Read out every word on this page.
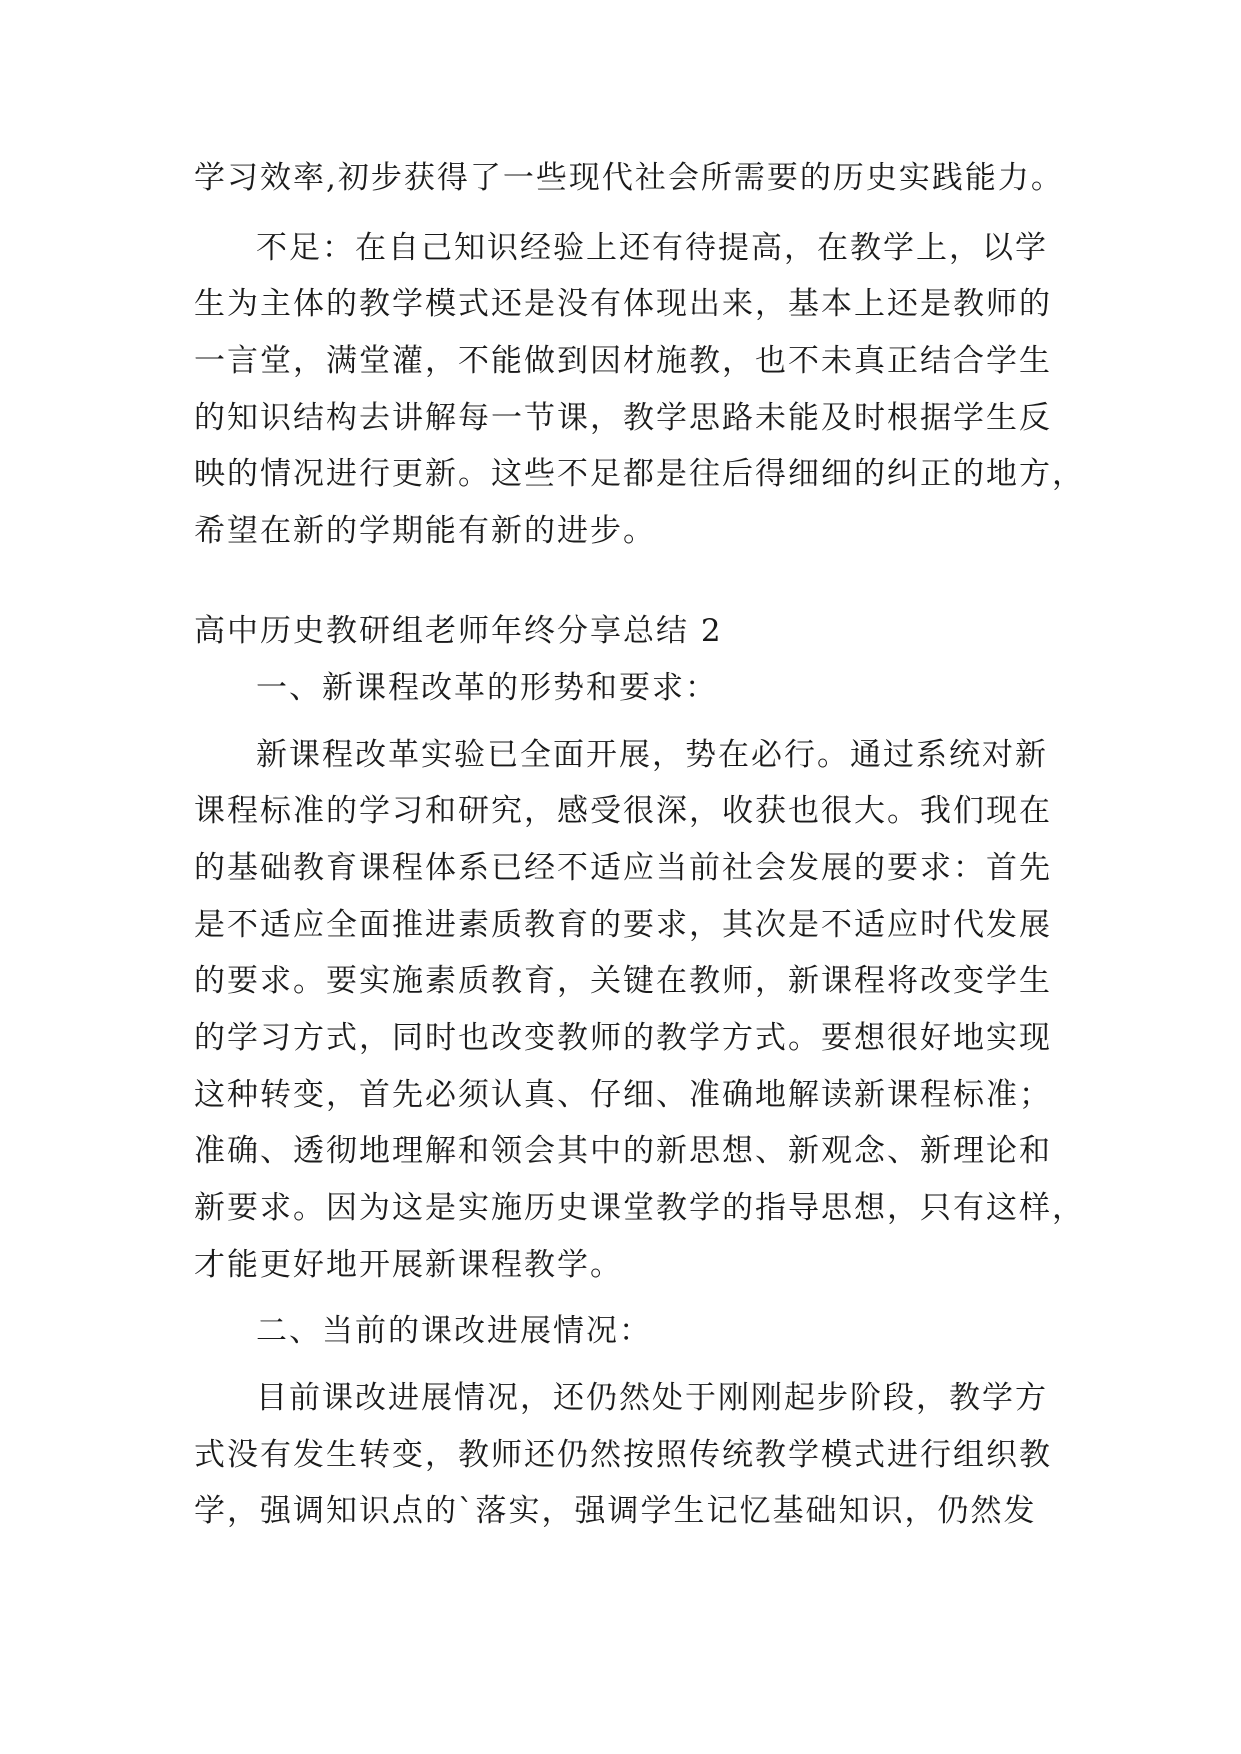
学习效率,初步获得了一些现代社会所需要的历史实践能力。
不足：在自己知识经验上还有待提高，在教学上，以学
生为主体的教学模式还是没有体现出来，基本上还是教师的
一言堂，满堂灌，不能做到因材施教，也不未真正结合学生
的知识结构去讲解每一节课，教学思路未能及时根据学生反
映的情况进行更新。这些不足都是往后得细细的纠正的地方，
希望在新的学期能有新的进步。
高中历史教研组老师年终分享总结 2
一、新课程改革的形势和要求：
新课程改革实验已全面开展，势在必行。通过系统对新
课程标准的学习和研究，感受很深，收获也很大。我们现在
的基础教育课程体系已经不适应当前社会发展的要求：首先
是不适应全面推进素质教育的要求，其次是不适应时代发展
的要求。要实施素质教育，关键在教师，新课程将改变学生
的学习方式，同时也改变教师的教学方式。要想很好地实现
这种转变，首先必须认真、仔细、准确地解读新课程标准；
准确、透彻地理解和领会其中的新思想、新观念、新理论和
新要求。因为这是实施历史课堂教学的指导思想，只有这样，
才能更好地开展新课程教学。
二、当前的课改进展情况：
目前课改进展情况，还仍然处于刚刚起步阶段，教学方
式没有发生转变，教师还仍然按照传统教学模式进行组织教
学，强调知识点的`落实，强调学生记忆基础知识，仍然发
